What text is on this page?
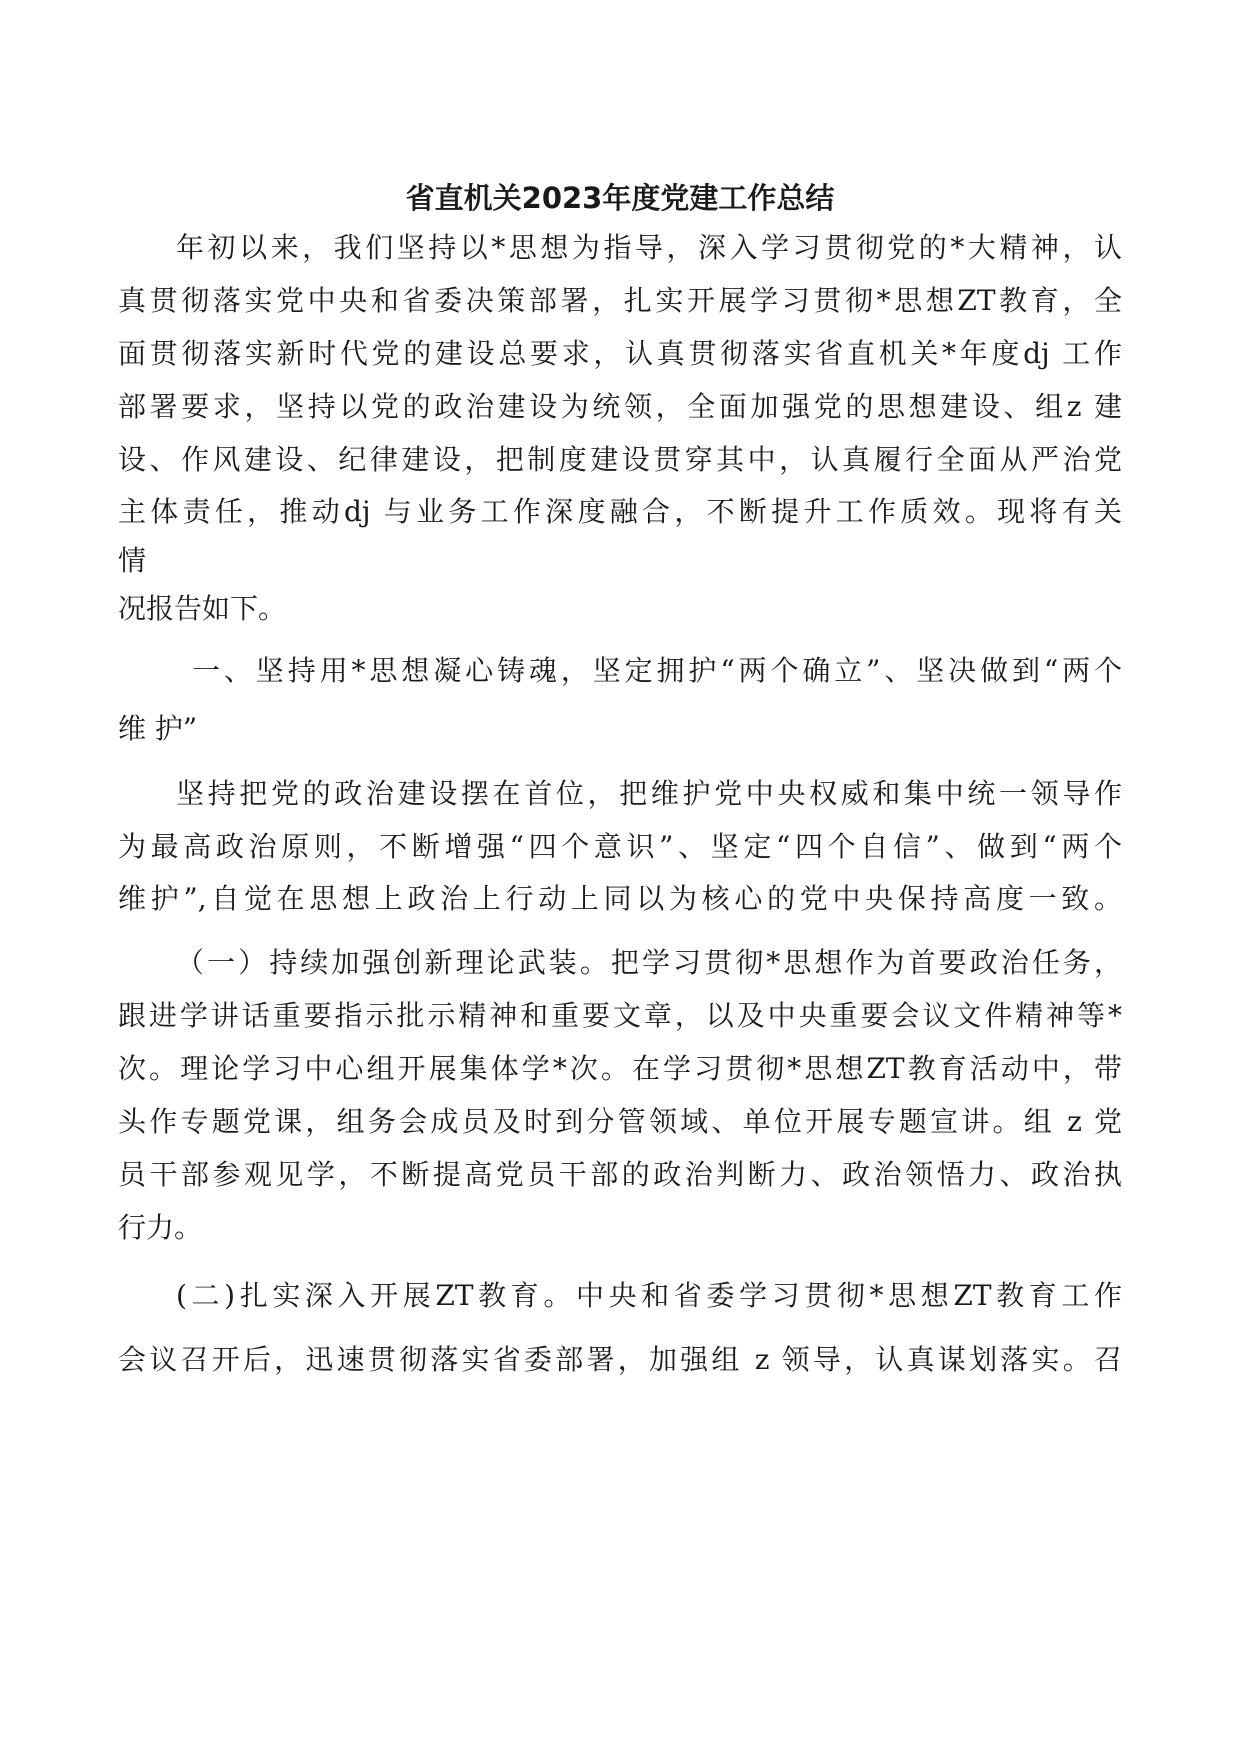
省直机关2023年度党建工作总结

年初以来，我们坚持以*思想为指导，深入学习贯彻党的*大精神，认

真贯彻落实党中央和省委决策部署，扎实开展学习贯彻*思想ZT教育，全

面贯彻落实新时代党的建设总要求，认真贯彻落实省直机关*年度dj 工作

部署要求，坚持以党的政治建设为统领，全面加强党的思想建设、组z 建

设、作风建设、纪律建设，把制度建设贯穿其中，认真履行全面从严治党

主体责任，推动dj 与业务工作深度融合，不断提升工作质效。现将有关

情

况报告如下。

一、坚持用*思想凝心铸魂，坚定拥护“两个确立”、坚决做到“两个

维 护”

坚持把党的政治建设摆在首位，把维护党中央权威和集中统一领导作

为最高政治原则，不断增强“四个意识”、坚定“四个自信”、做到“两个

维护”,自觉在思想上政治上行动上同以为核心的党中央保持高度一致。

（一）持续加强创新理论武装。把学习贯彻*思想作为首要政治任务，

跟进学讲话重要指示批示精神和重要文章，以及中央重要会议文件精神等*

次。理论学习中心组开展集体学*次。在学习贯彻*思想ZT教育活动中，带

头作专题党课，组务会成员及时到分管领域、单位开展专题宣讲。组 z 党

员干部参观见学，不断提高党员干部的政治判断力、政治领悟力、政治执

行力。

(二)扎实深入开展ZT教育。中央和省委学习贯彻*思想ZT教育工作

会议召开后，迅速贯彻落实省委部署，加强组 z 领导，认真谋划落实。召
